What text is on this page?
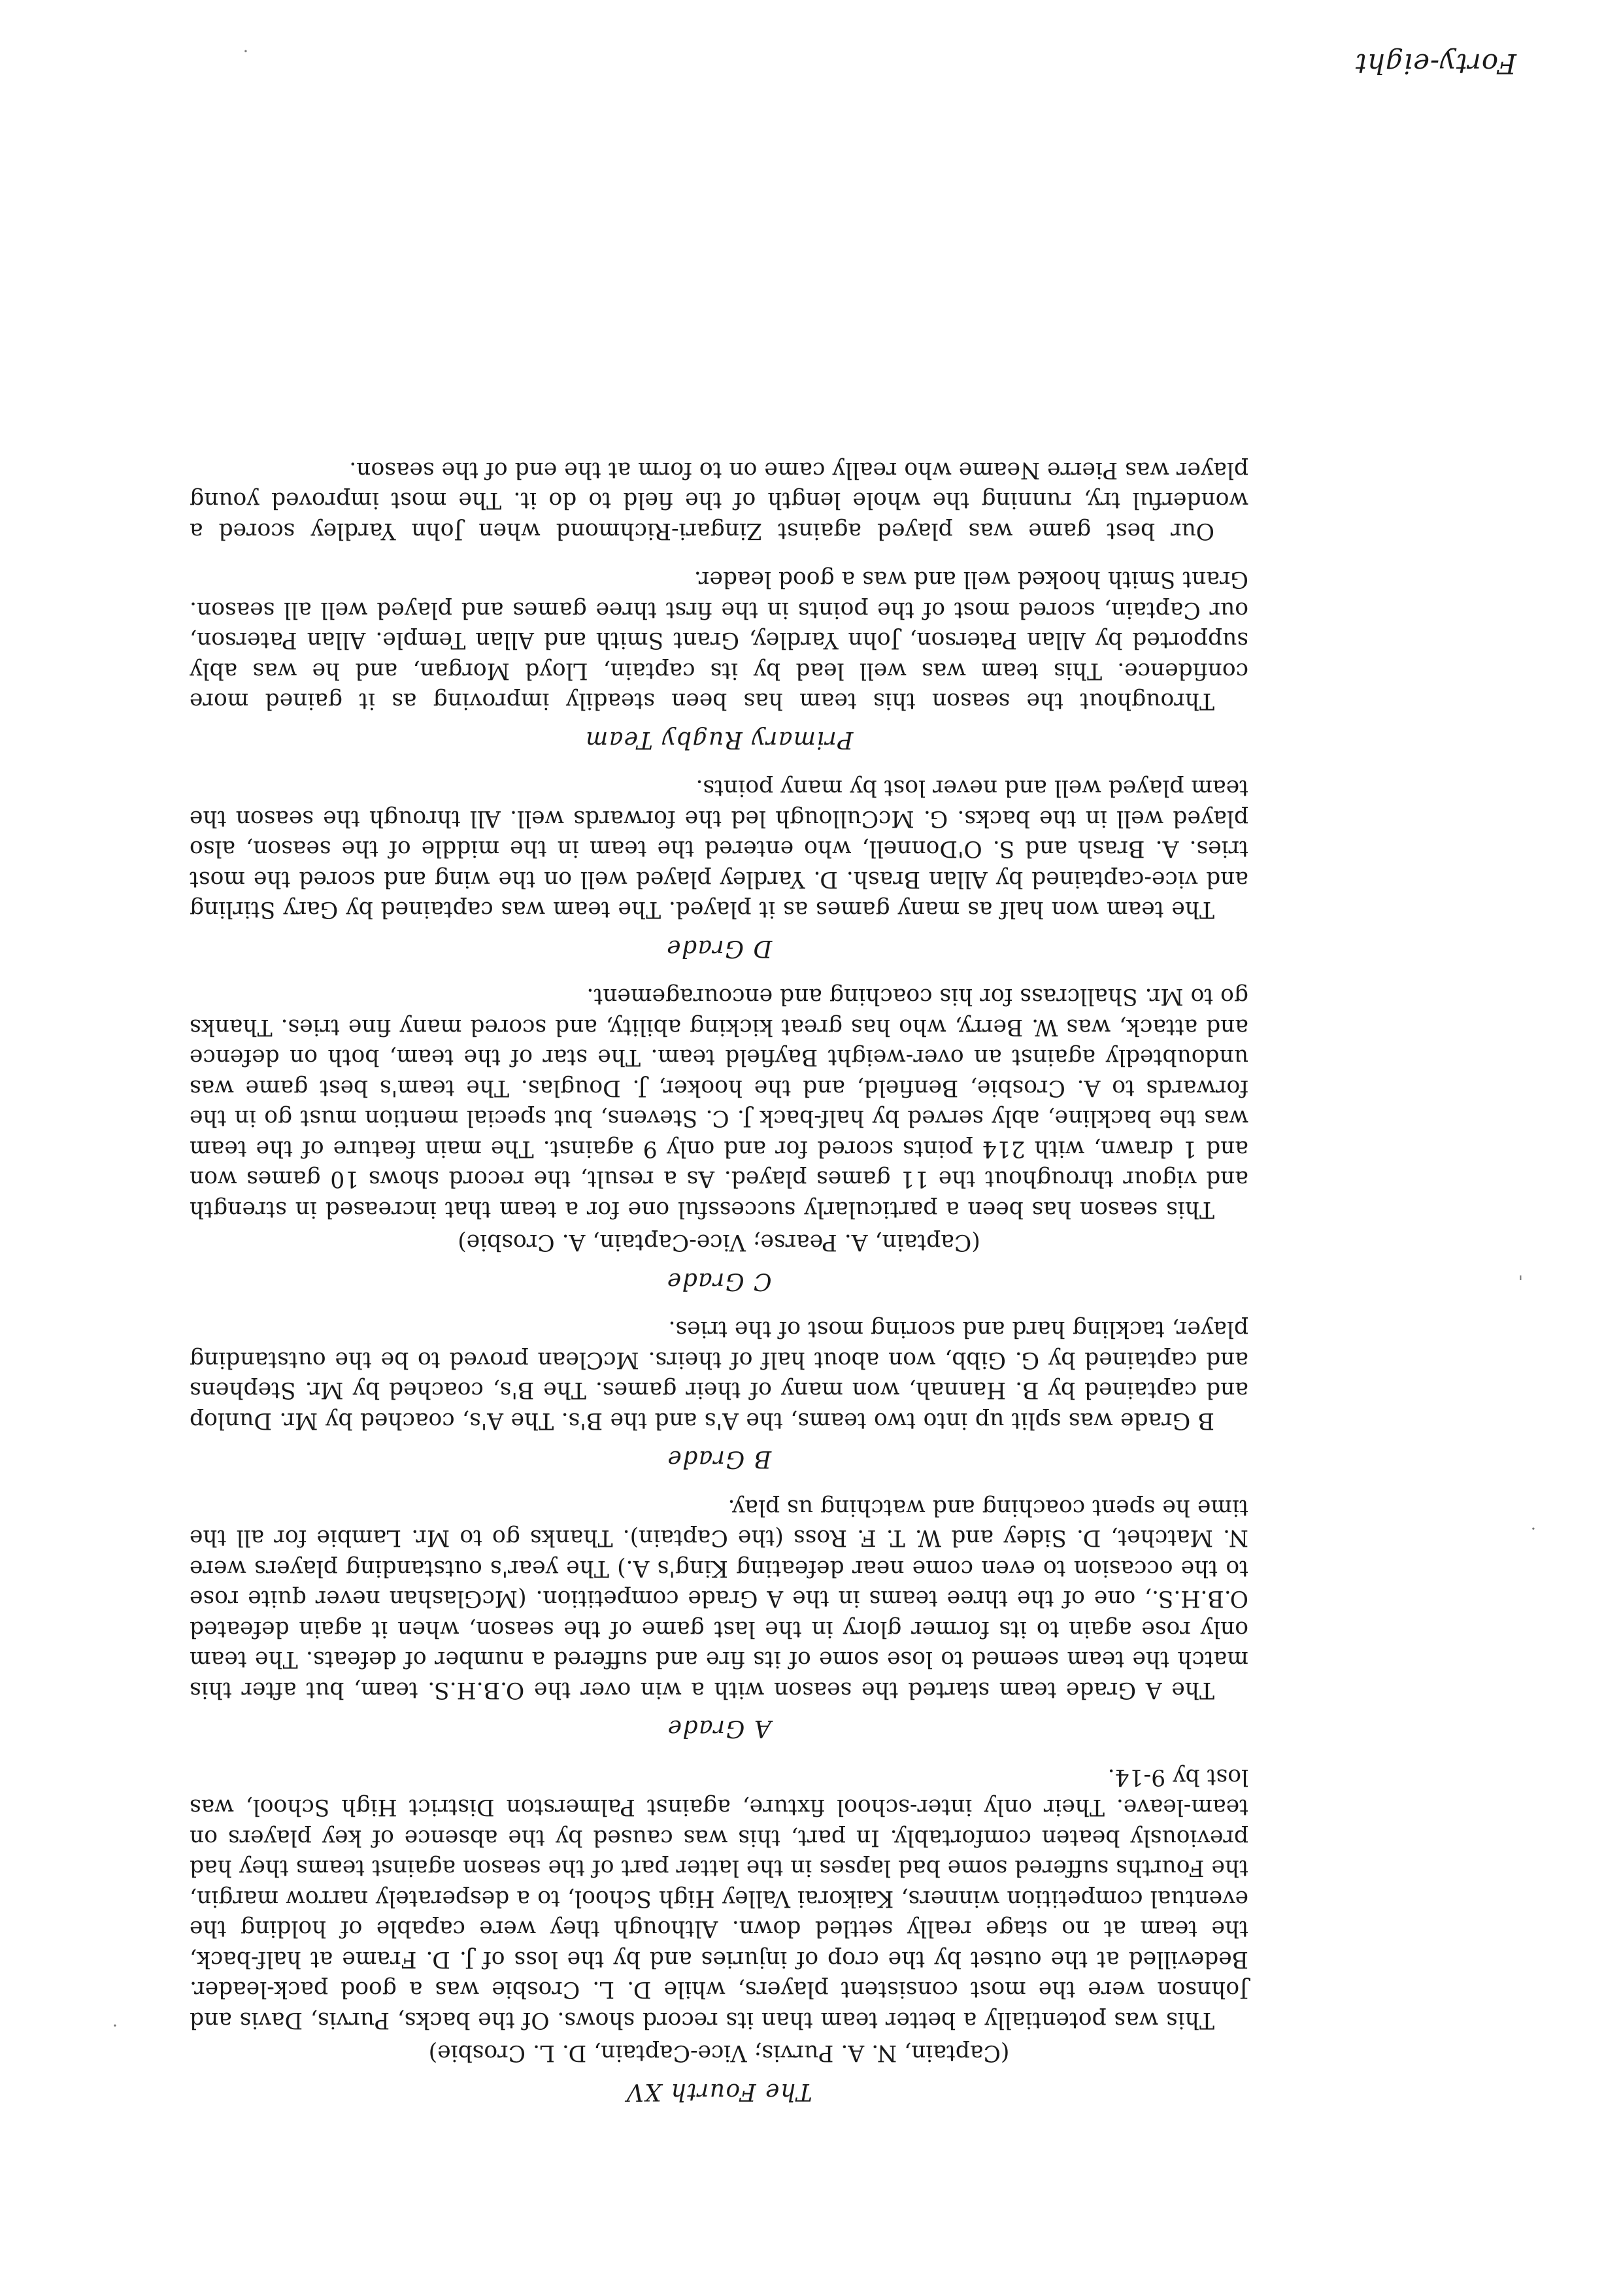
The Fourth XV
(Captain, N. A. Purvis; Vice-Captain, D. L. Crosbie)

This was potentially a better team than its record shows. Of the backs, Purvis, Davis and Johnson were the most consistent players, while D. L. Crosbie was a good pack-leader. Bedevilled at the outset by the crop of injuries and by the loss of J. D. Frame at half-back, the team at no stage really settled down. Although they were capable of holding the eventual competition winners, Kaikorai Valley High School, to a desperately narrow margin, the Fourths suffered some bad lapses in the latter part of the season against teams they had previously beaten comfortably. In part, this was caused by the absence of key players on team-leave. Their only inter-school fixture, against Palmerston District High School, was lost by 9-14.

A Grade

The A Grade team started the season with a win over the O.B.H.S. team, but after this match the team seemed to lose some of its fire and suffered a number of defeats. The team only rose again to its former glory in the last game of the season, when it again defeated O.B.H.S., one of the three teams in the A Grade competition. (McGlashan never quite rose to the occasion to even come near defeating King's A.) The year's outstanding players were N. Matchet, D. Sidey and W. T. F. Ross (the Captain). Thanks go to Mr. Lambie for all the time he spent coaching and watching us play.

B Grade

B Grade was split up into two teams, the A's and the B's. The A's, coached by Mr. Dunlop and captained by B. Hannah, won many of their games. The B's, coached by Mr. Stephens and captained by G. Gibb, won about half of theirs. McClean proved to be the outstanding player, tackling hard and scoring most of the tries.

C Grade
(Captain, A. Pearse; Vice-Captain, A. Crosbie)

This season has been a particularly successful one for a team that increased in strength and vigour throughout the 11 games played. As a result, the record shows 10 games won and 1 drawn, with 214 points scored for and only 9 against. The main feature of the team was the backline, ably served by half-back J. C. Stevens, but special mention must go in the forwards to A. Crosbie, Benfield, and the hooker, J. Douglas. The team's best game was undoubtedly against an over-weight Bayfield team. The star of the team, both on defence and attack, was W. Berry, who has great kicking ability, and scored many fine tries. Thanks go to Mr. Shallcrass for his coaching and encouragement.

D Grade

The team won half as many games as it played. The team was captained by Gary Stirling and vice-captained by Allan Brash. D. Yardley played well on the wing and scored the most tries. A. Brash and S. O'Donnell, who entered the team in the middle of the season, also played well in the backs. G. McCullough led the forwards well. All through the season the team played well and never lost by many points.

Primary Rugby Team

Throughout the season this team has been steadily improving as it gained more confidence. This team was well lead by its captain, Lloyd Morgan, and he was ably supported by Allan Paterson, John Yardley, Grant Smith and Allan Temple. Allan Paterson, our Captain, scored most of the points in the first three games and played well all season. Grant Smith hooked well and was a good leader.

Our best game was played against Zingari-Richmond when John Yardley scored a wonderful try, running the whole length of the field to do it. The most improved young player was Pierre Neame who really came on to form at the end of the season.

Forty-eight
·
·
'
·
